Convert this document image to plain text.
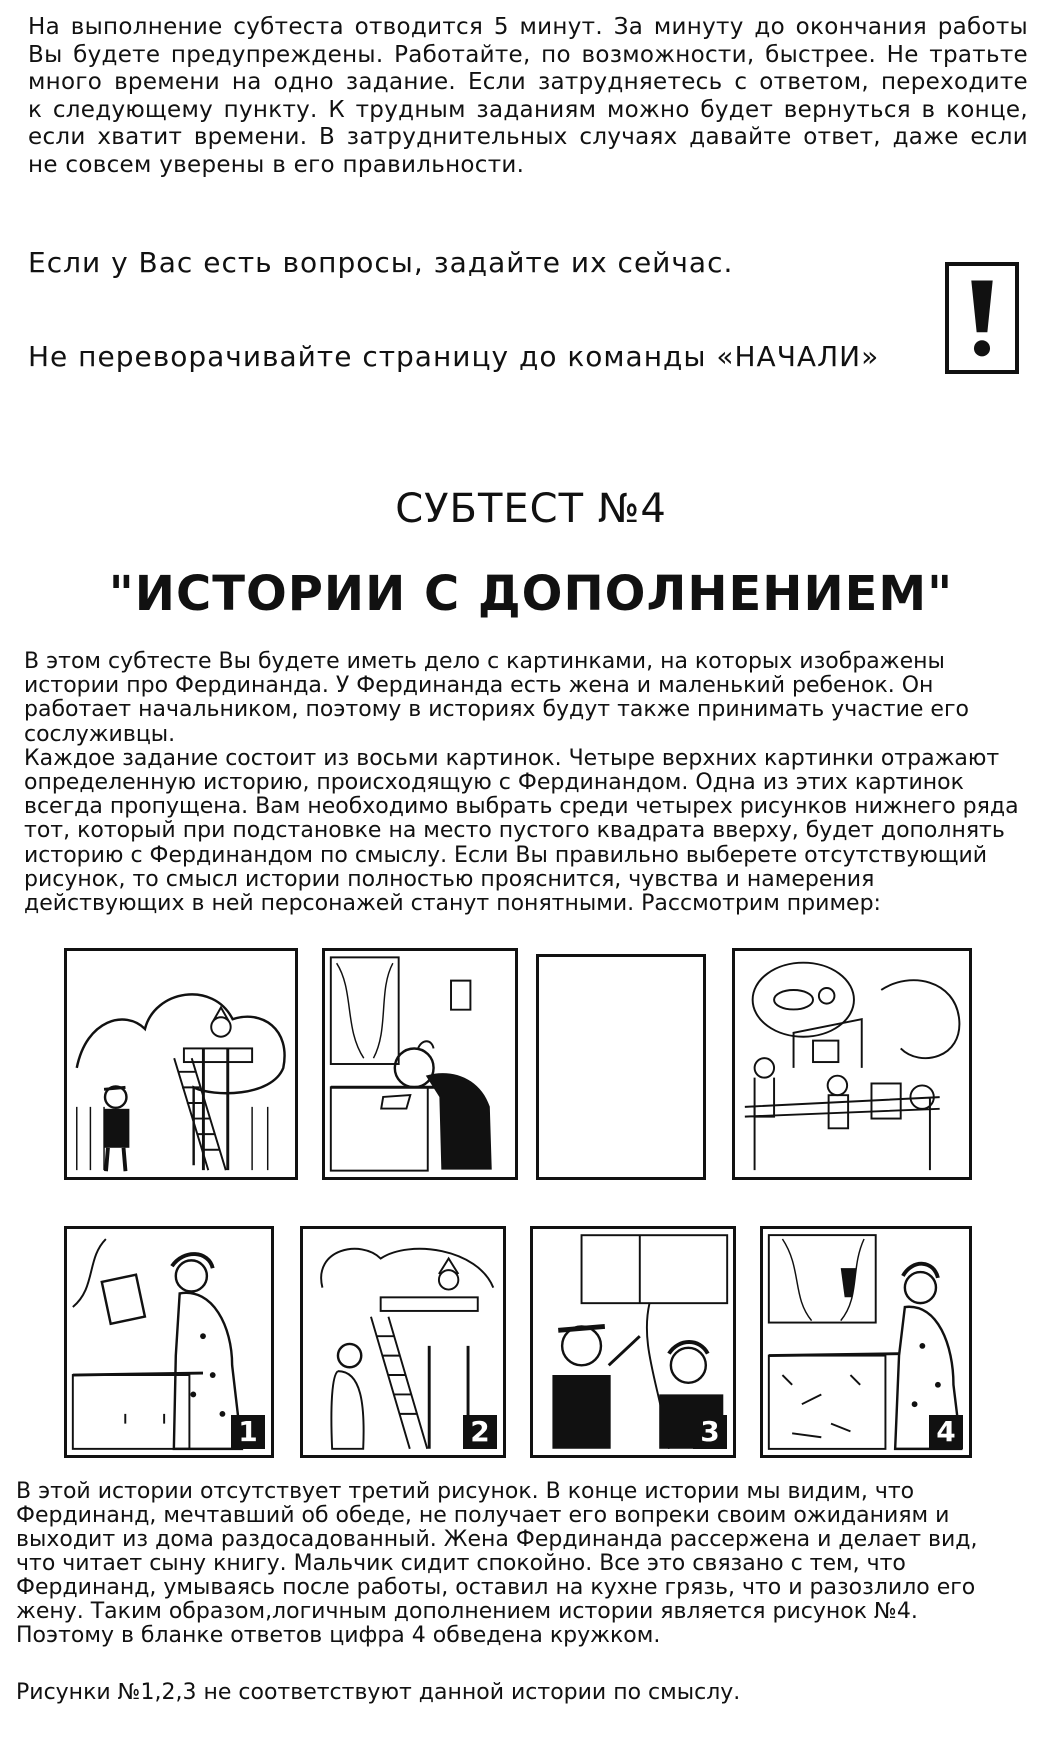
На выполнение субтеста отводится 5 минут. За минуту до окончания работы

Вы будете предупреждены. Работайте, по возможности, быстрее. Не тратьте

много времени на одно задание. Если затрудняетесь с ответом, переходите

к следующему пункту. К трудным заданиям можно будет вернуться в конце,

если хватит времени. В затруднительных случаях давайте ответ, даже если

не совсем уверены в его правильности.

Если у Вас есть вопросы, задайте их сейчас.
Не переворачивайте страницу до команды «НАЧАЛИ»
СУБТЕСТ №4
"ИСТОРИИ С ДОПОЛНЕНИЕМ"

В этом субтесте Вы будете иметь дело с картинками, на которых изображены

истории про Фердинанда. У Фердинанда есть жена и маленький ребенок. Он

работает начальником, поэтому в историях будут также принимать участие его

сослуживцы.

Каждое задание состоит из восьми картинок. Четыре верхних картинки отражают

определенную историю, происходящую с Фердинандом. Одна из этих картинок

всегда пропущена. Вам необходимо выбрать среди четырех рисунков нижнего ряда

тот, который при подстановке на место пустого квадрата вверху, будет дополнять

историю с Фердинандом по смыслу. Если Вы правильно выберете отсутствующий

рисунок, то смысл истории полностью прояснится, чувства и намерения

действующих в ней персонажей станут понятными. Рассмотрим пример:

1	2	3	4

В этой истории отсутствует третий рисунок. В конце истории мы видим, что

Фердинанд, мечтавший об обеде, не получает его вопреки своим ожиданиям и

выходит из дома раздосадованный. Жена Фердинанда рассержена и делает вид,

что читает сыну книгу. Мальчик сидит спокойно. Все это связано с тем, что

Фердинанд, умываясь после работы, оставил на кухне грязь, что и разозлило его

жену. Таким образом,логичным дополнением истории является рисунок №4.

Поэтому в бланке ответов цифра 4 обведена кружком.

Рисунки №1,2,3 не соответствуют данной истории по смыслу.
